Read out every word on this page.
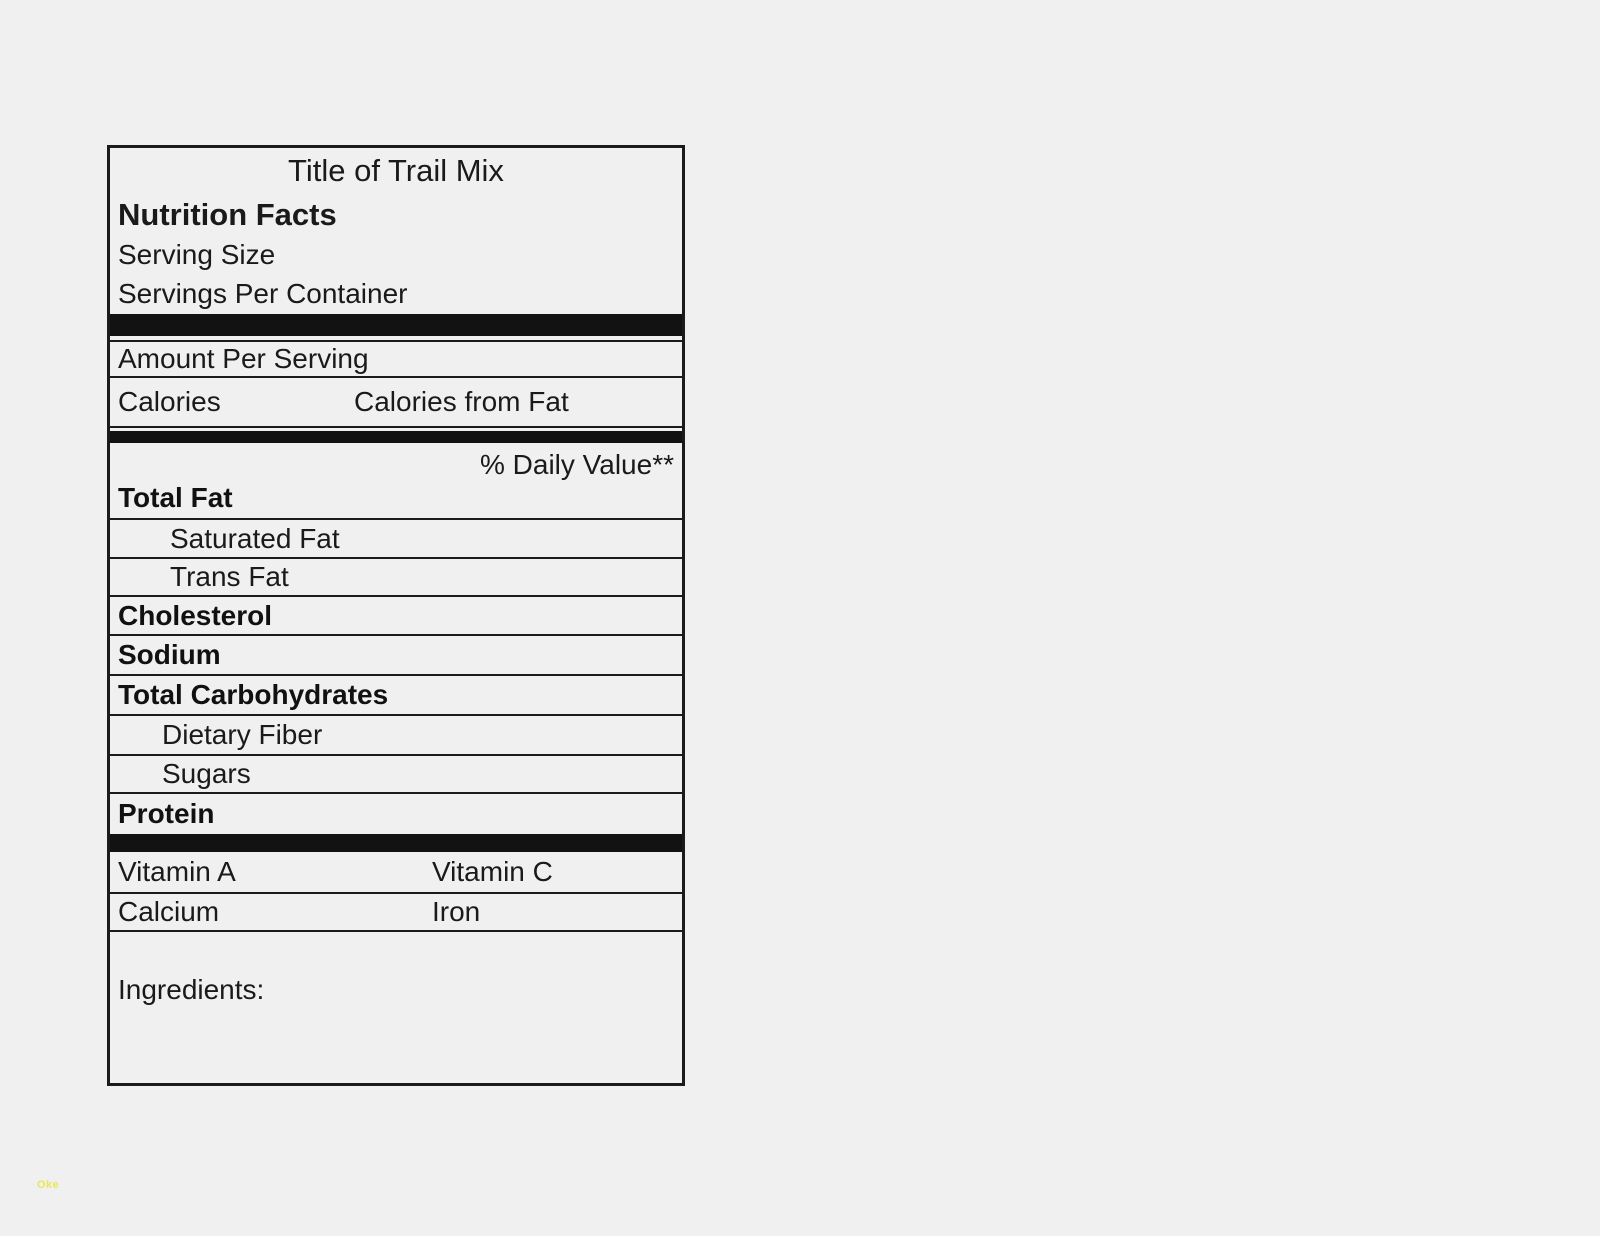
Title of Trail Mix
Nutrition Facts
Serving Size
Servings Per Container
Amount Per Serving
Calories	Calories from Fat
% Daily Value**
Total Fat
Saturated Fat
Trans Fat
Cholesterol
Sodium
Total Carbohydrates
Dietary Fiber
Sugars
Protein
Vitamin A	Vitamin C
Calcium	Iron
Ingredients:
Oke
